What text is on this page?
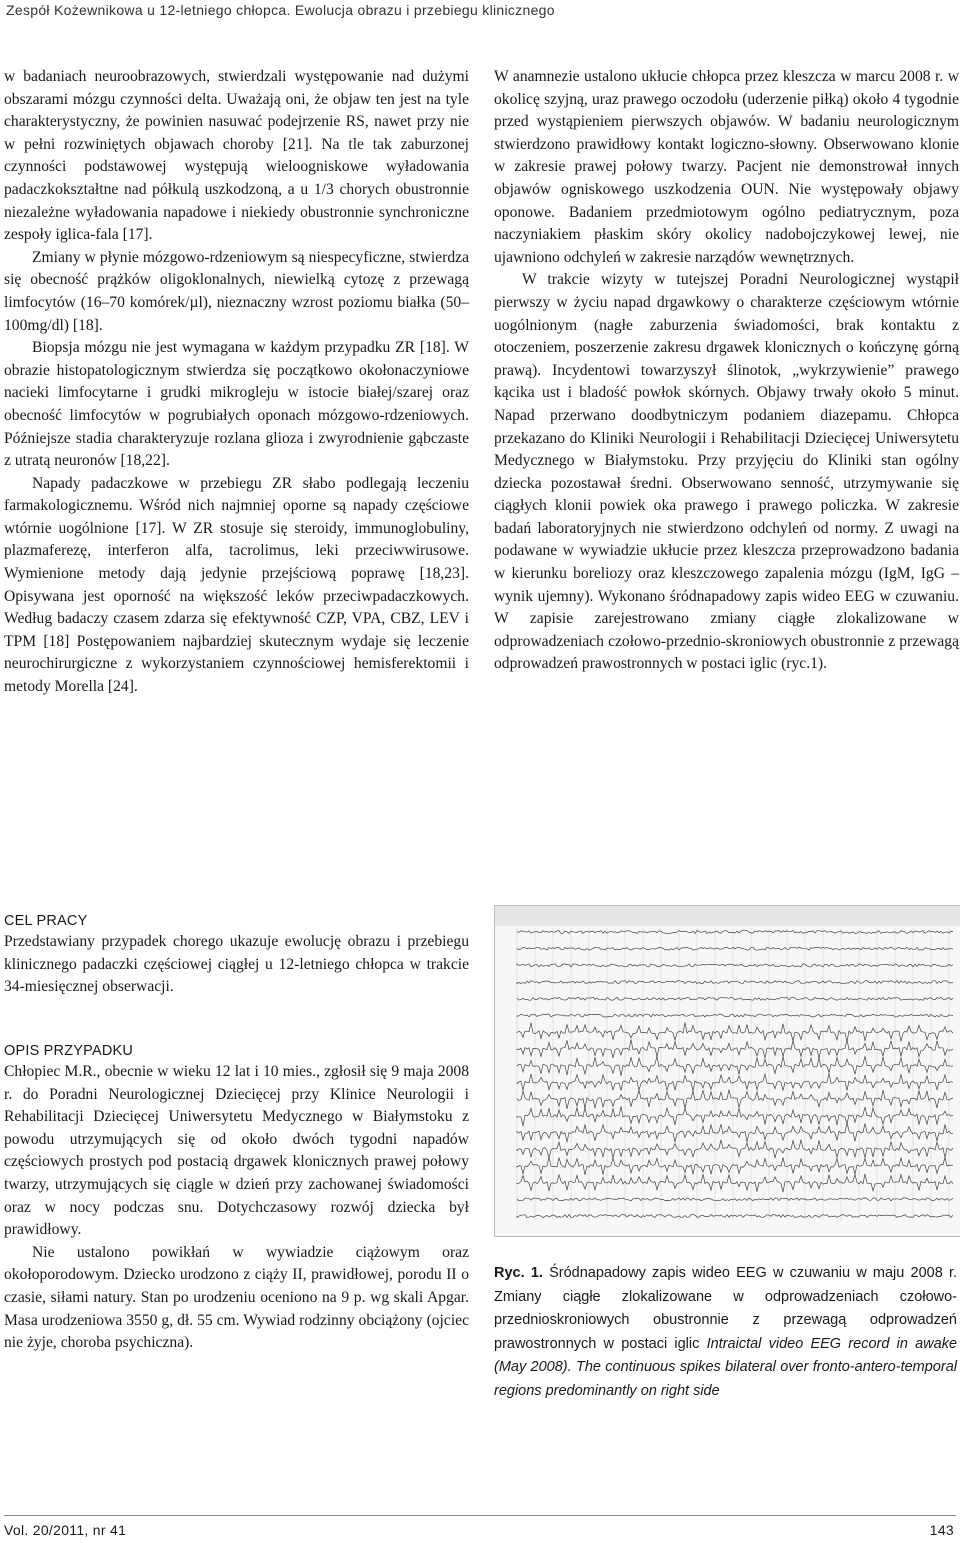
Zespół Kożewnikowa u 12-letniego chłopca. Ewolucja obrazu i przebiegu klinicznego

w badaniach neuroobrazowych, stwierdzali występowanie nad dużymi obszarami mózgu czynności delta. Uważają oni, że objaw ten jest na tyle charakterystyczny, że powinien nasuwać podejrzenie RS, nawet przy nie w pełni rozwiniętych objawach choroby [21]. Na tle tak zaburzonej czynności podstawowej występują wieloogniskowe wyładowania padaczkokształtne nad półkulą uszkodzoną, a u 1/3 chorych obustronnie niezależne wyładowania napadowe i niekiedy obustronnie synchroniczne zespoły iglica-fala [17].

Zmiany w płynie mózgowo-rdzeniowym są niespecyficzne, stwierdza się obecność prążków oligoklonalnych, niewielką cytozę z przewagą limfocytów (16–70 komórek/µl), nieznaczny wzrost poziomu białka (50–100mg/dl) [18].

Biopsja mózgu nie jest wymagana w każdym przypadku ZR [18]. W obrazie histopatologicznym stwierdza się początkowo okołonaczyniowe nacieki limfocytarne i grudki mikrogleju w istocie białej/szarej oraz obecność limfocytów w pogrubiałych oponach mózgowo-rdzeniowych. Późniejsze stadia charakteryzuje rozlana glioza i zwyrodnienie gąbczaste z utratą neuronów [18,22].

Napady padaczkowe w przebiegu ZR słabo podlegają leczeniu farmakologicznemu. Wśród nich najmniej oporne są napady częściowe wtórnie uogólnione [17]. W ZR stosuje się steroidy, immunoglobuliny, plazmaferezę, interferon alfa, tacrolimus, leki przeciwwirusowe. Wymienione metody dają jedynie przejściową poprawę [18,23]. Opisywana jest oporność na większość leków przeciwpadaczkowych. Według badaczy czasem zdarza się efektywność CZP, VPA, CBZ, LEV i TPM [18] Postępowaniem najbardziej skutecznym wydaje się leczenie neurochirurgiczne z wykorzystaniem czynnościowej hemisferektomii i metody Morella [24].

CEL PRACY

Przedstawiany przypadek chorego ukazuje ewolucję obrazu i przebiegu klinicznego padaczki częściowej ciągłej u 12-letniego chłopca w trakcie 34-miesięcznej obserwacji.

OPIS PRZYPADKU

Chłopiec M.R., obecnie w wieku 12 lat i 10 mies., zgłosił się 9 maja 2008 r. do Poradni Neurologicznej Dziecięcej przy Klinice Neurologii i Rehabilitacji Dziecięcej Uniwersytetu Medycznego w Białymstoku z powodu utrzymujących się od około dwóch tygodni napadów częściowych prostych pod postacią drgawek klonicznych prawej połowy twarzy, utrzymujących się ciągle w dzień przy zachowanej świadomości oraz w nocy podczas snu. Dotychczasowy rozwój dziecka był prawidłowy.

Nie ustalono powikłań w wywiadzie ciążowym oraz okołoporodowym. Dziecko urodzono z ciąży II, prawidłowej, porodu II o czasie, siłami natury. Stan po urodzeniu oceniono na 9 p. wg skali Apgar. Masa urodzeniowa 3550 g, dł. 55 cm. Wywiad rodzinny obciążony (ojciec nie żyje, choroba psychiczna).

W anamnezie ustalono ukłucie chłopca przez kleszcza w marcu 2008 r. w okolicę szyjną, uraz prawego oczodołu (uderzenie piłką) około 4 tygodnie przed wystąpieniem pierwszych objawów. W badaniu neurologicznym stwierdzono prawidłowy kontakt logiczno-słowny. Obserwowano klonie w zakresie prawej połowy twarzy. Pacjent nie demonstrował innych objawów ogniskowego uszkodzenia OUN. Nie występowały objawy oponowe. Badaniem przedmiotowym ogólno pediatrycznym, poza naczyniakiem płaskim skóry okolicy nadobojczykowej lewej, nie ujawniono odchyleń w zakresie narządów wewnętrznych.

W trakcie wizyty w tutejszej Poradni Neurologicznej wystąpił pierwszy w życiu napad drgawkowy o charakterze częściowym wtórnie uogólnionym (nagłe zaburzenia świadomości, brak kontaktu z otoczeniem, poszerzenie zakresu drgawek klonicznych o kończynę górną prawą). Incydentowi towarzyszył ślinotok, „wykrzywienie” prawego kącika ust i bladość powłok skórnych. Objawy trwały około 5 minut. Napad przerwano doodbytniczym podaniem diazepamu. Chłopca przekazano do Kliniki Neurologii i Rehabilitacji Dziecięcej Uniwersytetu Medycznego w Białymstoku. Przy przyjęciu do Kliniki stan ogólny dziecka pozostawał średni. Obserwowano senność, utrzymywanie się ciągłych klonii powiek oka prawego i prawego policzka. W zakresie badań laboratoryjnych nie stwierdzono odchyleń od normy. Z uwagi na podawane w wywiadzie ukłucie przez kleszcza przeprowadzono badania w kierunku boreliozy oraz kleszczowego zapalenia mózgu (IgM, IgG – wynik ujemny). Wykonano śródnapadowy zapis wideo EEG w czuwaniu. W zapisie zarejestrowano zmiany ciągłe zlokalizowane w odprowadzeniach czołowo-przednio-skroniowych obustronnie z przewagą odprowadzeń prawostronnych w postaci iglic (ryc.1).

Ryc. 1. Śródnapadowy zapis wideo EEG w czuwaniu w maju 2008 r. Zmiany ciągłe zlokalizowane w odprowadzeniach czołowo-przednioskroniowych obustronnie z przewagą odprowadzeń prawostronnych w postaci iglic Intraictal video EEG record in awake (May 2008). The continuous spikes bilateral over fronto-antero-temporal regions predominantly on right side
Vol. 20/2011, nr 41	143
